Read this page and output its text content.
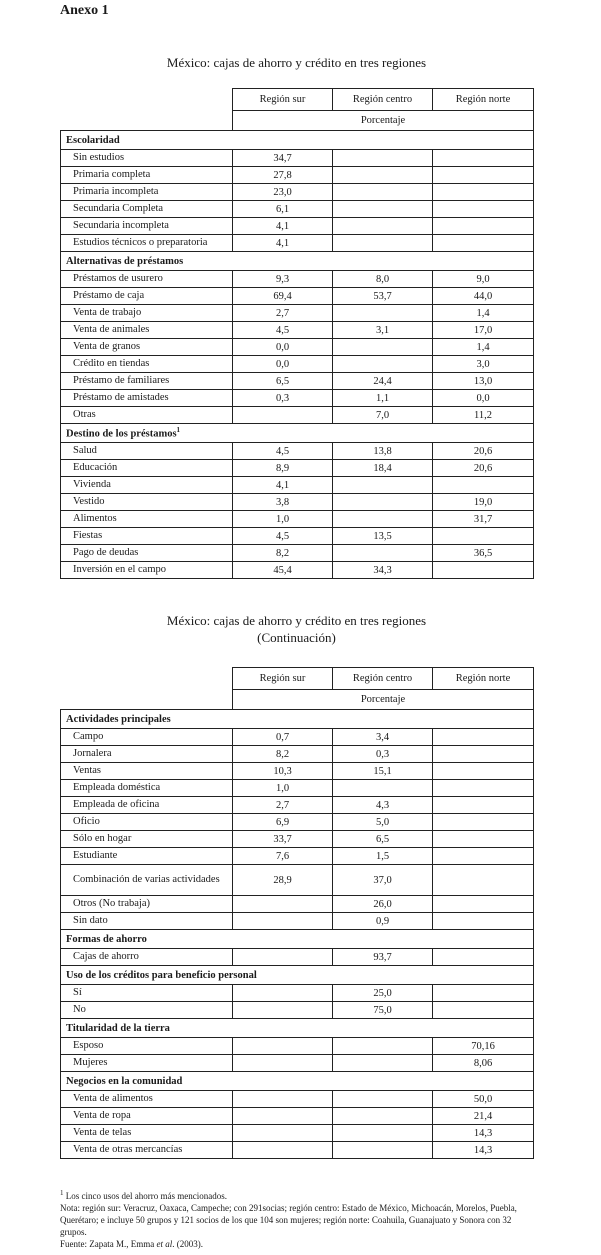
Anexo 1
México: cajas de ahorro y crédito en tres regiones
	Región sur	Región centro	Región norte
	Porcentaje		
Escolaridad			
Sin estudios	34,7		
Primaria completa	27,8		
Primaria incompleta	23,0		
Secundaria Completa	6,1		
Secundaria incompleta	4,1		
Estudios técnicos o preparatoria	4,1		
Alternativas de préstamos			
Préstamos de usurero	9,3	8,0	9,0
Préstamo de caja	69,4	53,7	44,0
Venta de trabajo	2,7		1,4
Venta de animales	4,5	3,1	17,0
Venta de granos	0,0		1,4
Crédito en tiendas	0,0		3,0
Préstamo de familiares	6,5	24,4	13,0
Préstamo de amistades	0,3	1,1	0,0
Otras		7,0	11,2
Destino de los préstamos$^1$
Salud	4,5	13,8	20,6
Educación	8,9	18,4	20,6
Vivienda	4,1		
Vestido	3,8		19,0
Alimentos	1,0		31,7
Fiestas	4,5	13,5	
Pago de deudas	8,2		36,5
Inversión en el campo	45,4	34,3	
México: cajas de ahorro y crédito en tres regiones
(Continuación)
	Región sur	Región centro	Región norte
	Porcentaje		
Actividades principales			
Campo	0,7	3,4	
Jornalera	8,2	0,3	
Ventas	10,3	15,1	
Empleada doméstica	1,0		
Empleada de oficina	2,7	4,3	
Oficio	6,9	5,0	
Sólo en hogar	33,7	6,5	
Estudiante	7,6	1,5	
Combinación de varias actividades	28,9	37,0	
Otros (No trabaja)		26,0	
Sin dato		0,9	
Formas de ahorro			
Cajas de ahorro		93,7	
Uso de los créditos para beneficio personal			
Sí		25,0	
No		75,0	
Titularidad de la tierra			
Esposo			70,16
Mujeres			8,06
Negocios en la comunidad			
Venta de alimentos			50,0
Venta de ropa			21,4
Venta de telas			14,3
Venta de otras mercancías			14,3

$^1$ Los cinco usos del ahorro más mencionados.

Nota: región sur: Veracruz, Oaxaca, Campeche; con 291socias; región centro: Estado de México, Michoacán, Morelos, Puebla, Querétaro; e incluye 50 grupos y 121 socios de los que 104 son mujeres; región norte: Coahuila, Guanajuato y Sonora con 32 grupos.

Fuente: Zapata M., Emma et al. (2003).
